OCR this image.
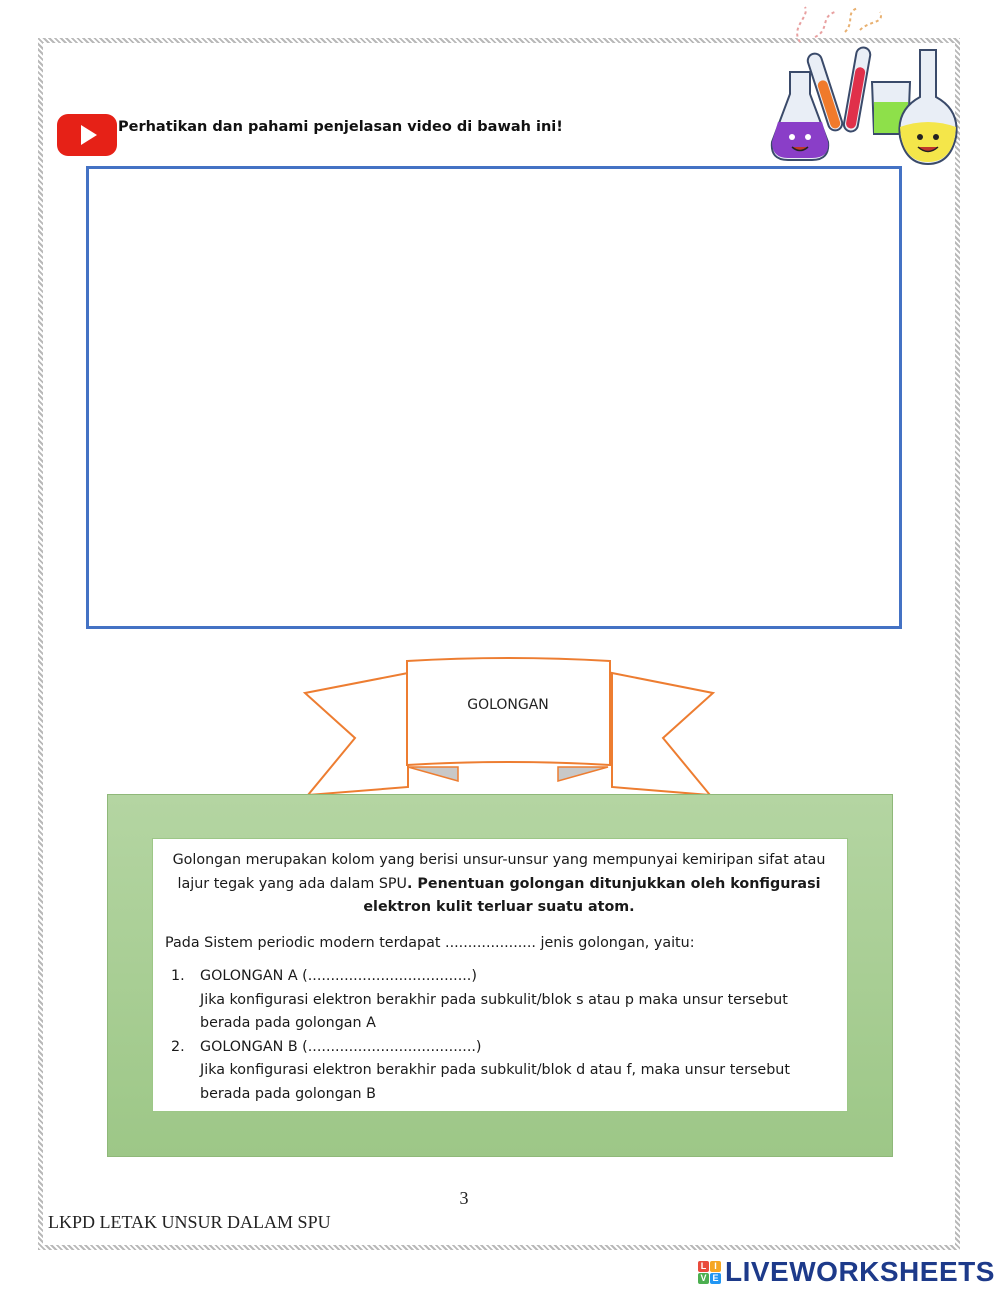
Perhatikan dan pahami penjelasan video di bawah ini!
GOLONGAN

Golongan merupakan kolom yang berisi unsur-unsur yang mempunyai kemiripan sifat atau lajur tegak yang ada dalam SPU. Penentuan golongan ditunjukkan oleh konfigurasi elektron kulit terluar suatu atom.

Pada Sistem periodic modern terdapat .................... jenis golongan, yaitu:
1. GOLONGAN A (....................................)
Jika konfigurasi elektron berakhir pada subkulit/blok s atau p maka unsur tersebut berada pada golongan A
2. GOLONGAN B (.....................................)
Jika konfigurasi elektron berakhir pada subkulit/blok d atau f, maka unsur tersebut berada pada golongan B
3
LKPD LETAK UNSUR DALAM SPU
L I
V E LIVEWORKSHEETS
